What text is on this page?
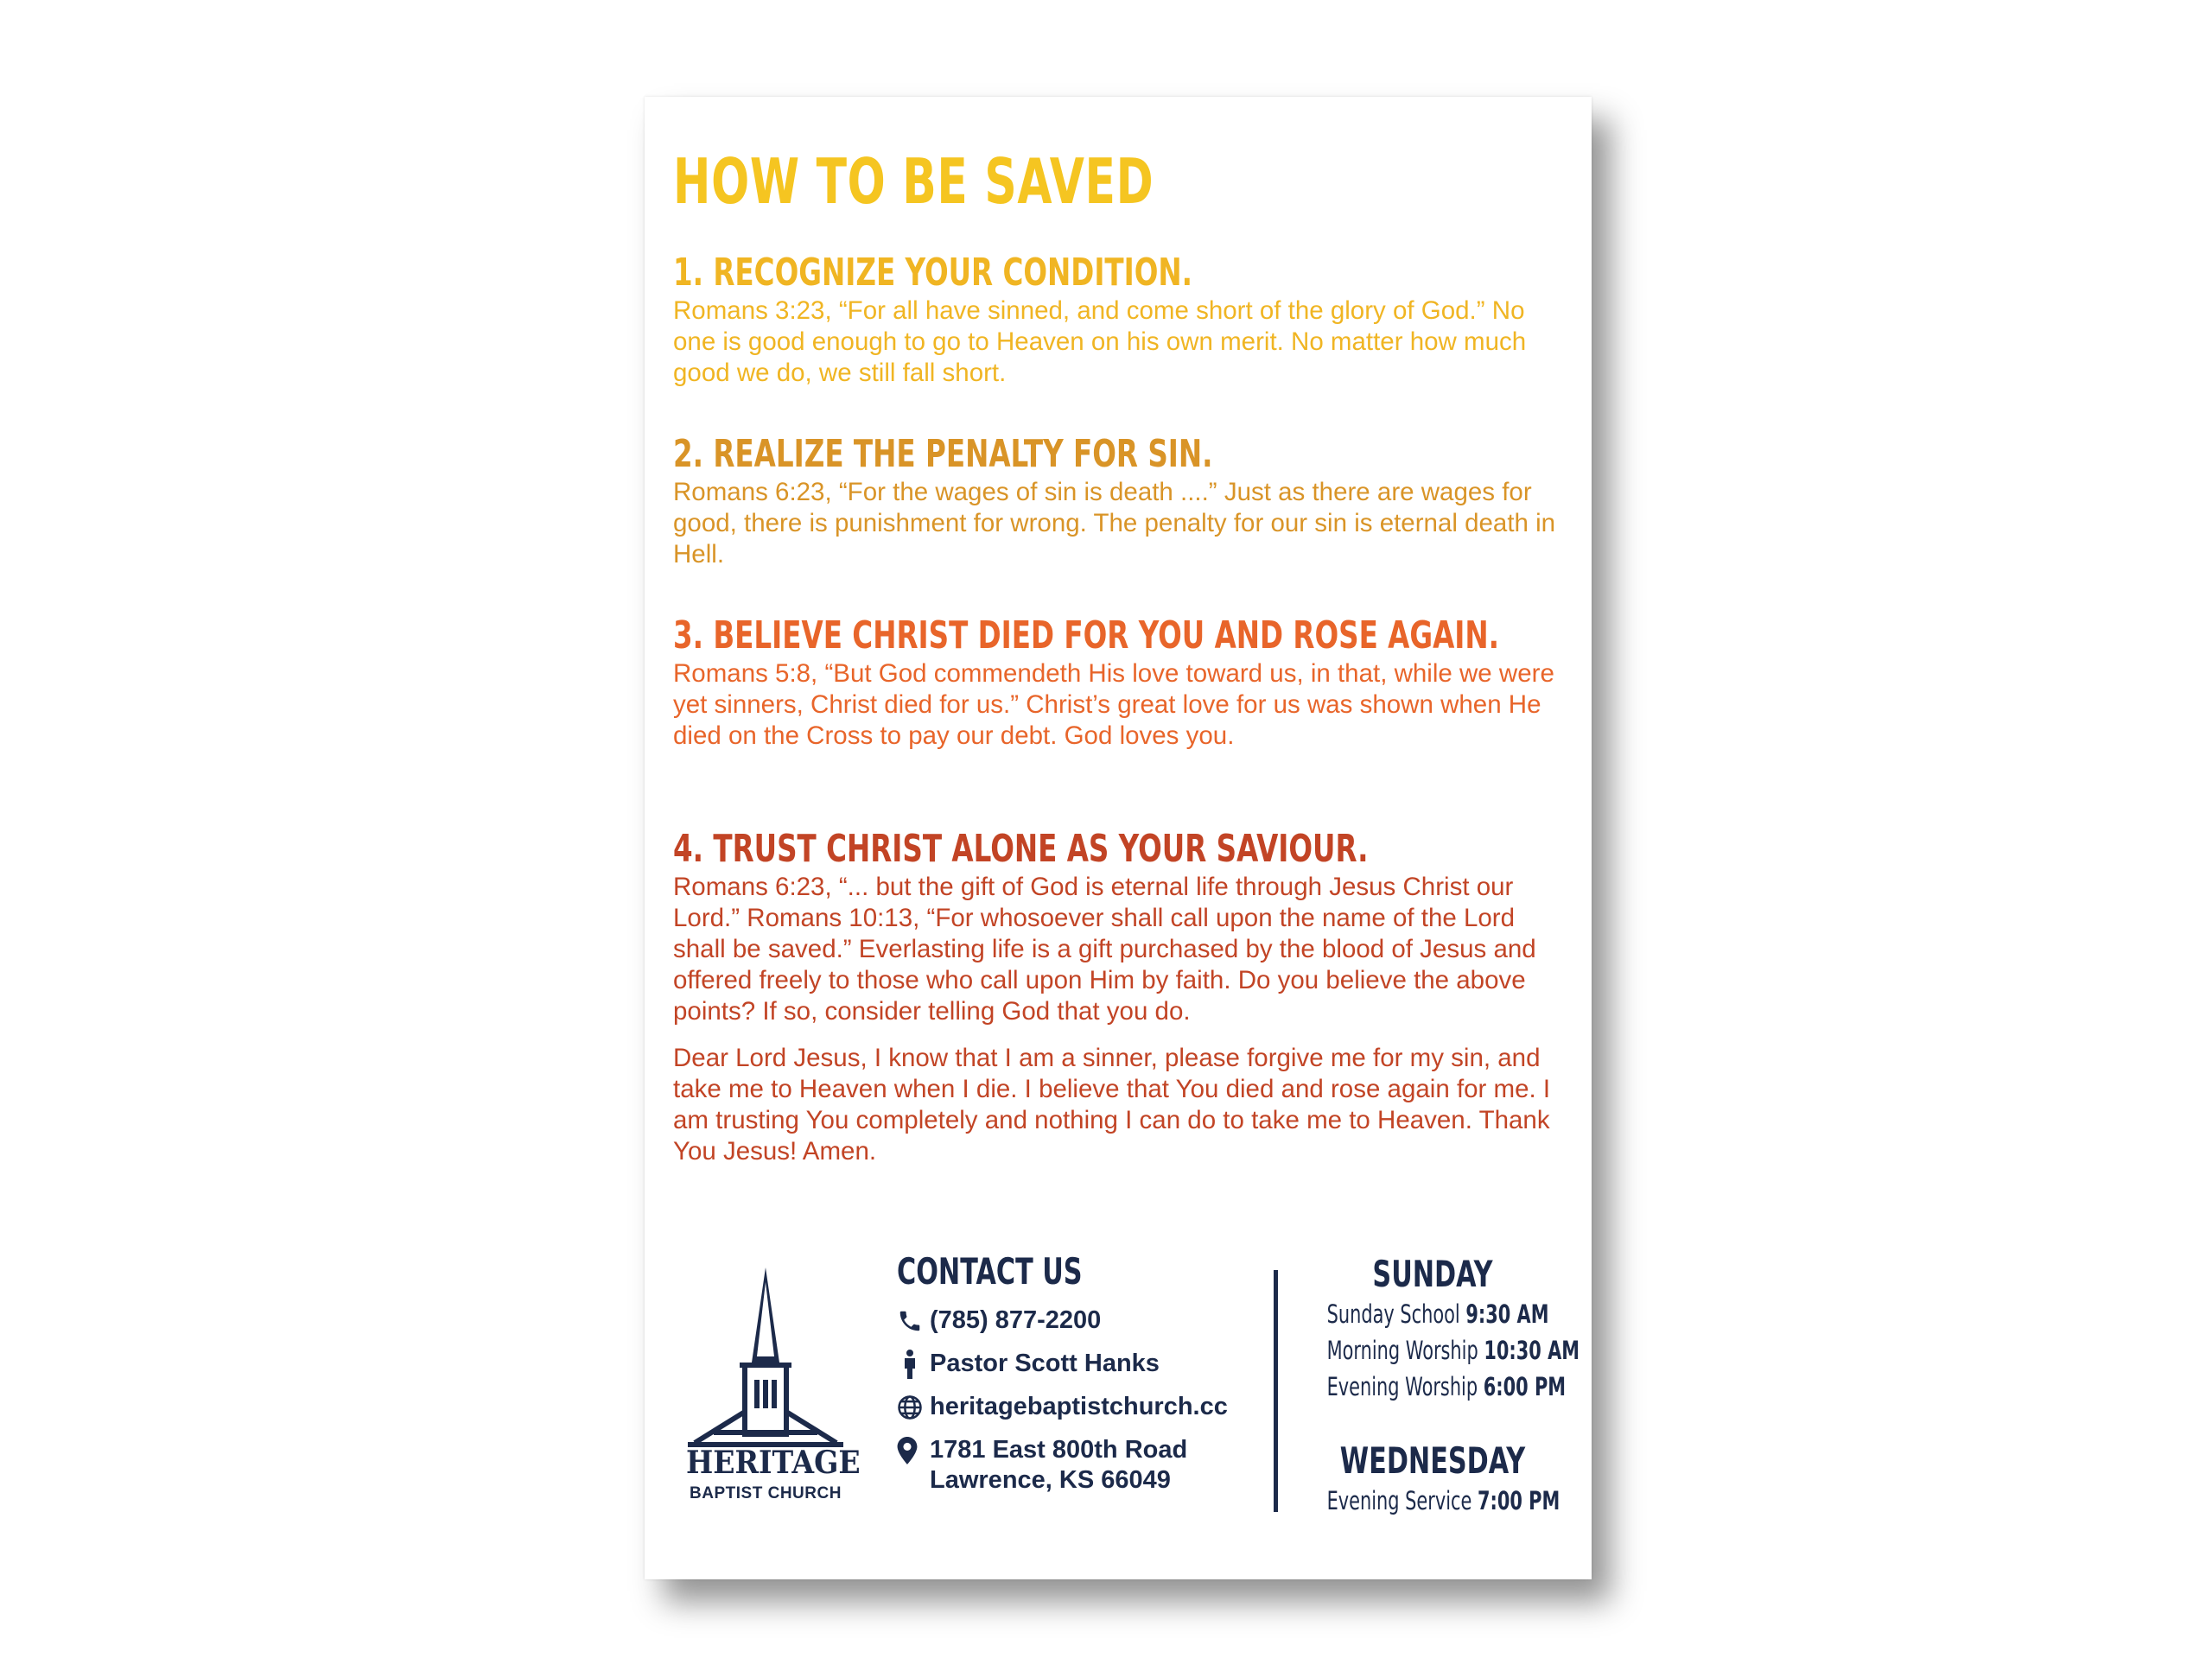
HOW TO BE SAVED
1. RECOGNIZE YOUR CONDITION.

Romans 3:23, “For all have sinned, and come short of the glory of God.” No one is good enough to go to Heaven on his own merit. No matter how much good we do, we still fall short.

2. REALIZE THE PENALTY FOR SIN.

Romans 6:23, “For the wages of sin is death ....” Just as there are wages for good, there is punishment for wrong. The penalty for our sin is eternal death in Hell.

3. BELIEVE CHRIST DIED FOR YOU AND ROSE AGAIN.

Romans 5:8, “But God commendeth His love toward us, in that, while we were yet sinners, Christ died for us.” Christ’s great love for us was shown when He died on the Cross to pay our debt. God loves you.

4. TRUST CHRIST ALONE AS YOUR SAVIOUR.

Romans 6:23, “... but the gift of God is eternal life through Jesus Christ our Lord.” Romans 10:13, “For whosoever shall call upon the name of the Lord shall be saved.” Everlasting life is a gift purchased by the blood of Jesus and offered freely to those who call upon Him by faith. Do you believe the above points? If so, consider telling God that you do.

Dear Lord Jesus, I know that I am a sinner, please forgive me for my sin, and take me to Heaven when I die. I believe that You died and rose again for me. I am trusting You completely and nothing I can do to take me to Heaven. Thank You Jesus! Amen.

HERITAGE
BAPTIST CHURCH
CONTACT US
(785) 877-2200
Pastor Scott Hanks
heritagebaptistchurch.cc
1781 East 800th Road
Lawrence, KS 66049
SUNDAY
Sunday School 9:30 AM
Morning Worship 10:30 AM
Evening Worship 6:00 PM
WEDNESDAY
Evening Service 7:00 PM
